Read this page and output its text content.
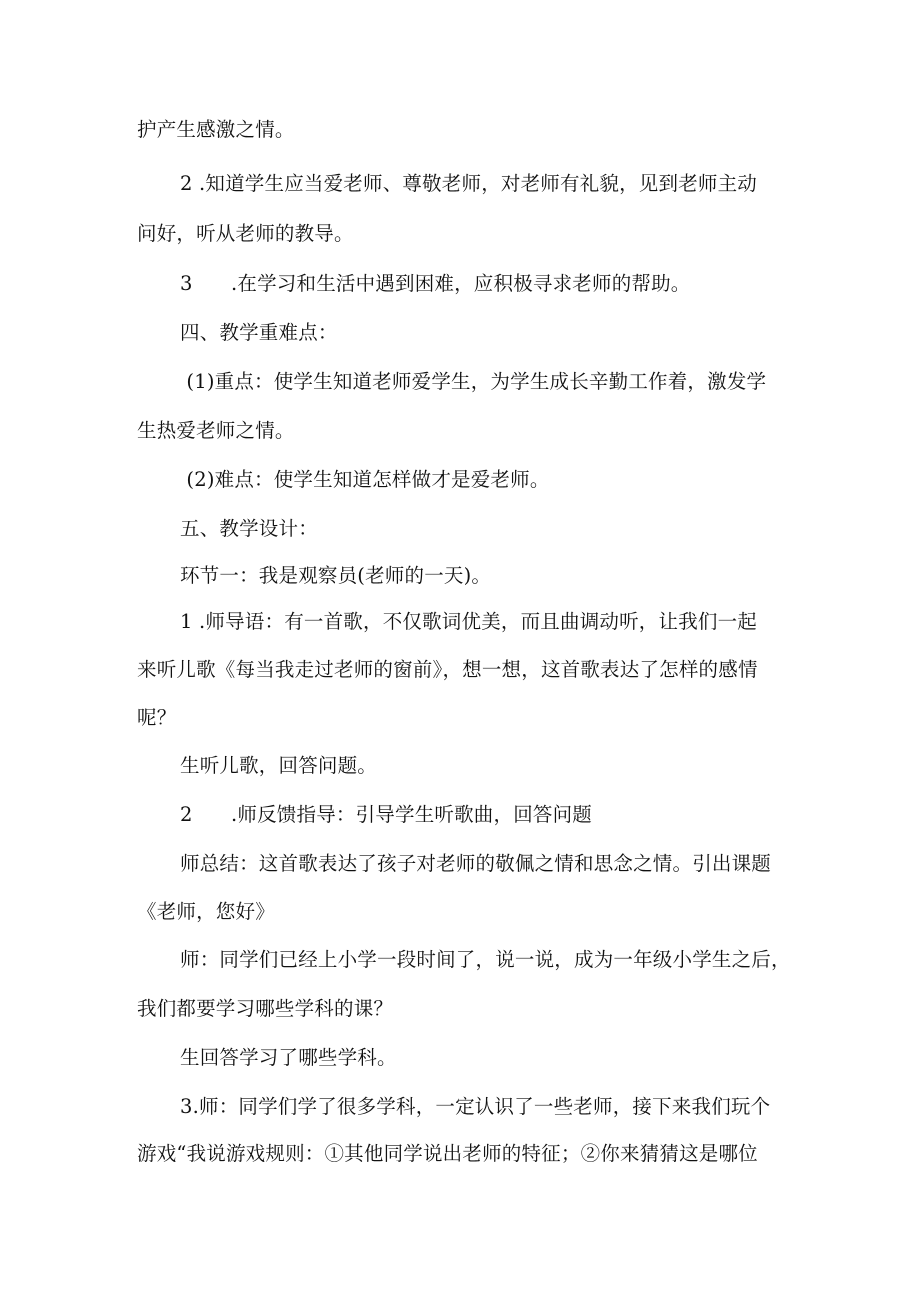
护产生感激之情。
2 .知道学生应当爱老师、尊敬老师，对老师有礼貌，见到老师主动
问好，听从老师的教导。
3      .在学习和生活中遇到困难，应积极寻求老师的帮助。
四、教学重难点：
(1)重点：使学生知道老师爱学生，为学生成长辛勤工作着，激发学
生热爱老师之情。
(2)难点：使学生知道怎样做才是爱老师。
五、教学设计：
环节一：我是观察员(老师的一天)。
1 .师导语：有一首歌，不仅歌词优美，而且曲调动听，让我们一起
来听儿歌《每当我走过老师的窗前》，想一想，这首歌表达了怎样的感情
呢？
生听儿歌，回答问题。
2      .师反馈指导：引导学生听歌曲，回答问题
师总结：这首歌表达了孩子对老师的敬佩之情和思念之情。引出课题
《老师，您好》
师：同学们已经上小学一段时间了，说一说，成为一年级小学生之后，
我们都要学习哪些学科的课？
生回答学习了哪些学科。
3.师：同学们学了很多学科，一定认识了一些老师，接下来我们玩个
游戏“我说游戏规则：①其他同学说出老师的特征；②你来猜猜这是哪位
